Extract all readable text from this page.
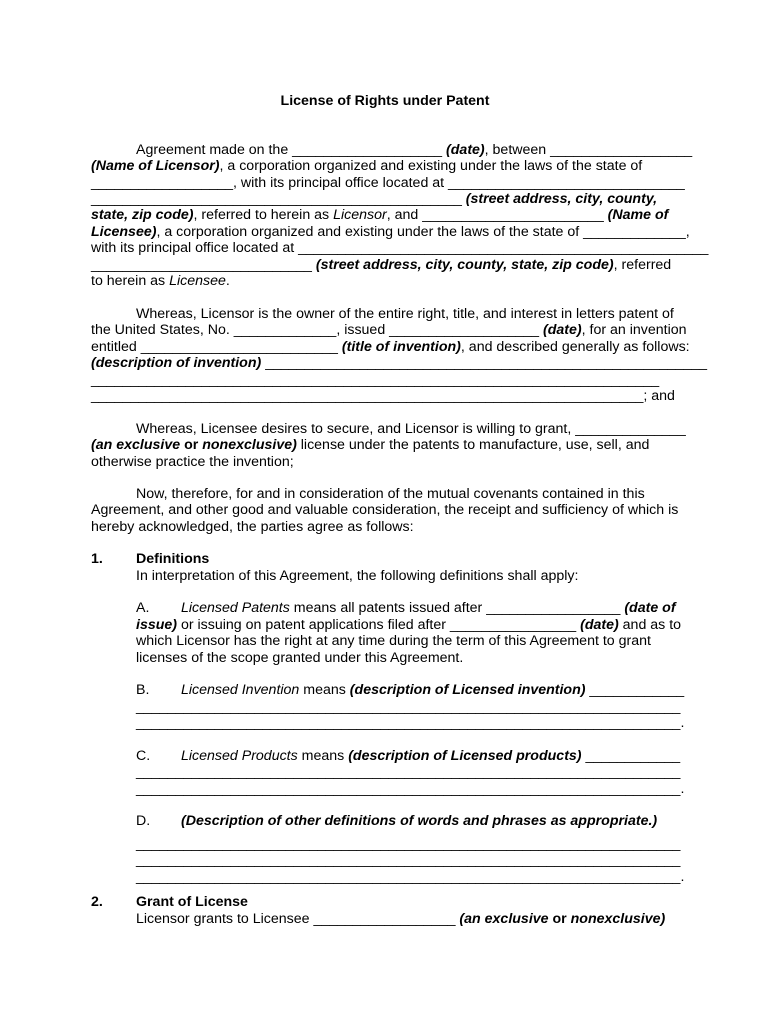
License of Rights under Patent
Agreement made on the ___________________ (date), between __________________
(Name of Licensor), a corporation organized and existing under the laws of the state of
__________________, with its principal office located at ______________________________
_______________________________________________ (street address, city, county,
state, zip code), referred to herein as Licensor, and _______________________ (Name of
Licensee), a corporation organized and existing under the laws of the state of _____________,
with its principal office located at ____________________________________________________
____________________________ (street address, city, county, state, zip code), referred
to herein as Licensee.
Whereas, Licensor is the owner of the entire right, title, and interest in letters patent of
the United States, No. _____________, issued ___________________ (date), for an invention
entitled _________________________ (title of invention), and described generally as follows:
(description of invention) ________________________________________________________
________________________________________________________________________
______________________________________________________________________; and
Whereas, Licensee desires to secure, and Licensor is willing to grant, ______________
(an exclusive or nonexclusive) license under the patents to manufacture, use, sell, and
otherwise practice the invention;
Now, therefore, for and in consideration of the mutual covenants contained in this
Agreement, and other good and valuable consideration, the receipt and sufficiency of which is
hereby acknowledged, the parties agree as follows:
1. Definitions
In interpretation of this Agreement, the following definitions shall apply:
A. Licensed Patents means all patents issued after _________________ (date of
issue) or issuing on patent applications filed after ________________ (date) and as to
which Licensor has the right at any time during the term of this Agreement to grant
licenses of the scope granted under this Agreement.
B. Licensed Invention means (description of Licensed invention) ____________
_____________________________________________________________________
_____________________________________________________________________.
C. Licensed Products means (description of Licensed products) ____________
_____________________________________________________________________
_____________________________________________________________________.
D. (Description of other definitions of words and phrases as appropriate.)
_____________________________________________________________________
_____________________________________________________________________
_____________________________________________________________________.
2. Grant of License
Licensor grants to Licensee __________________ (an exclusive or nonexclusive)
